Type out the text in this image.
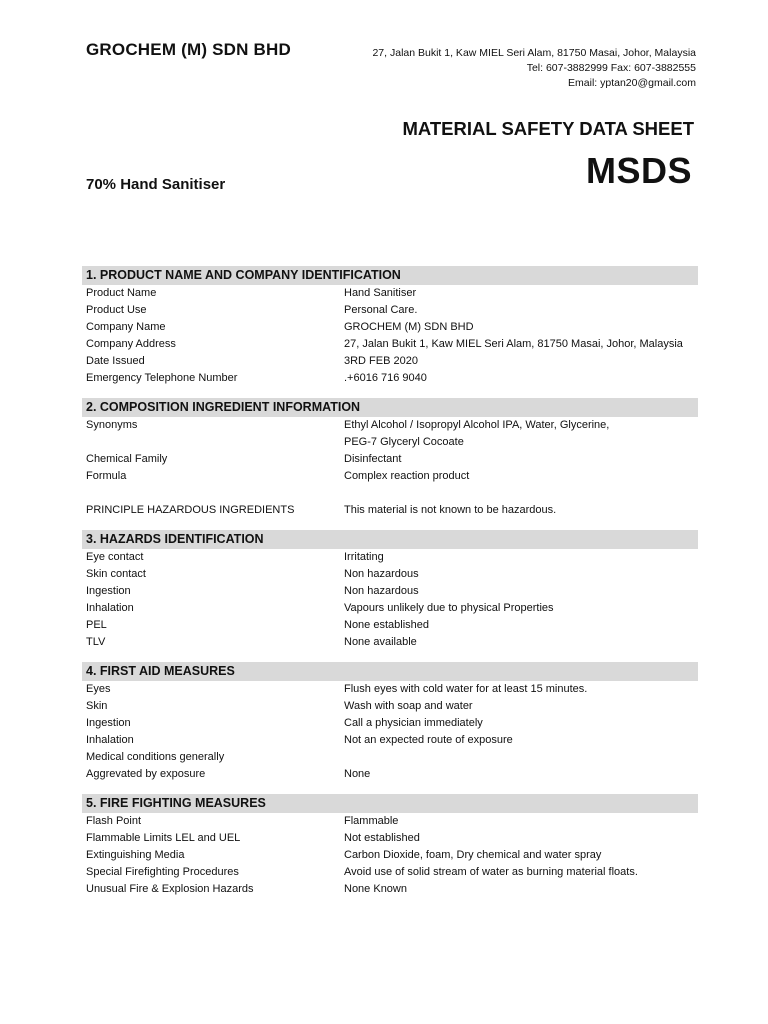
GROCHEM (M) SDN BHD	27, Jalan Bukit 1, Kaw MIEL Seri Alam, 81750 Masai, Johor, Malaysia
Tel: 607-3882999 Fax: 607-3882555
Email: yptan20@gmail.com
MATERIAL SAFETY DATA SHEET
MSDS
70% Hand Sanitiser
1. PRODUCT NAME AND COMPANY IDENTIFICATION
Product Name	Hand Sanitiser
Product Use	Personal Care.
Company Name	GROCHEM (M) SDN BHD
Company Address	27, Jalan Bukit 1, Kaw MIEL Seri Alam, 81750 Masai, Johor, Malaysia
Date Issued	3RD FEB 2020
Emergency Telephone Number	.+6016 716 9040
2. COMPOSITION INGREDIENT INFORMATION
Synonyms	Ethyl Alcohol / Isopropyl Alcohol IPA, Water, Glycerine,
PEG-7 Glyceryl Cocoate
Chemical Family	Disinfectant
Formula	Complex reaction product
PRINCIPLE HAZARDOUS INGREDIENTS	This material is not known to be hazardous.
3. HAZARDS IDENTIFICATION
Eye contact	Irritating
Skin contact	Non hazardous
Ingestion	Non hazardous
Inhalation	Vapours unlikely due to physical Properties
PEL	None established
TLV	None available
4. FIRST AID MEASURES
Eyes	Flush eyes with cold water for at least 15 minutes.
Skin	Wash with soap and water
Ingestion	Call a physician immediately
Inhalation	Not an expected route of exposure
Medical conditions generally
Aggrevated by exposure	None
5. FIRE FIGHTING MEASURES
Flash Point	Flammable
Flammable Limits LEL and UEL	Not established
Extinguishing Media	Carbon Dioxide, foam, Dry chemical and water spray
Special Firefighting Procedures	Avoid use of solid stream of water as burning material floats.
Unusual Fire & Explosion Hazards	None Known
